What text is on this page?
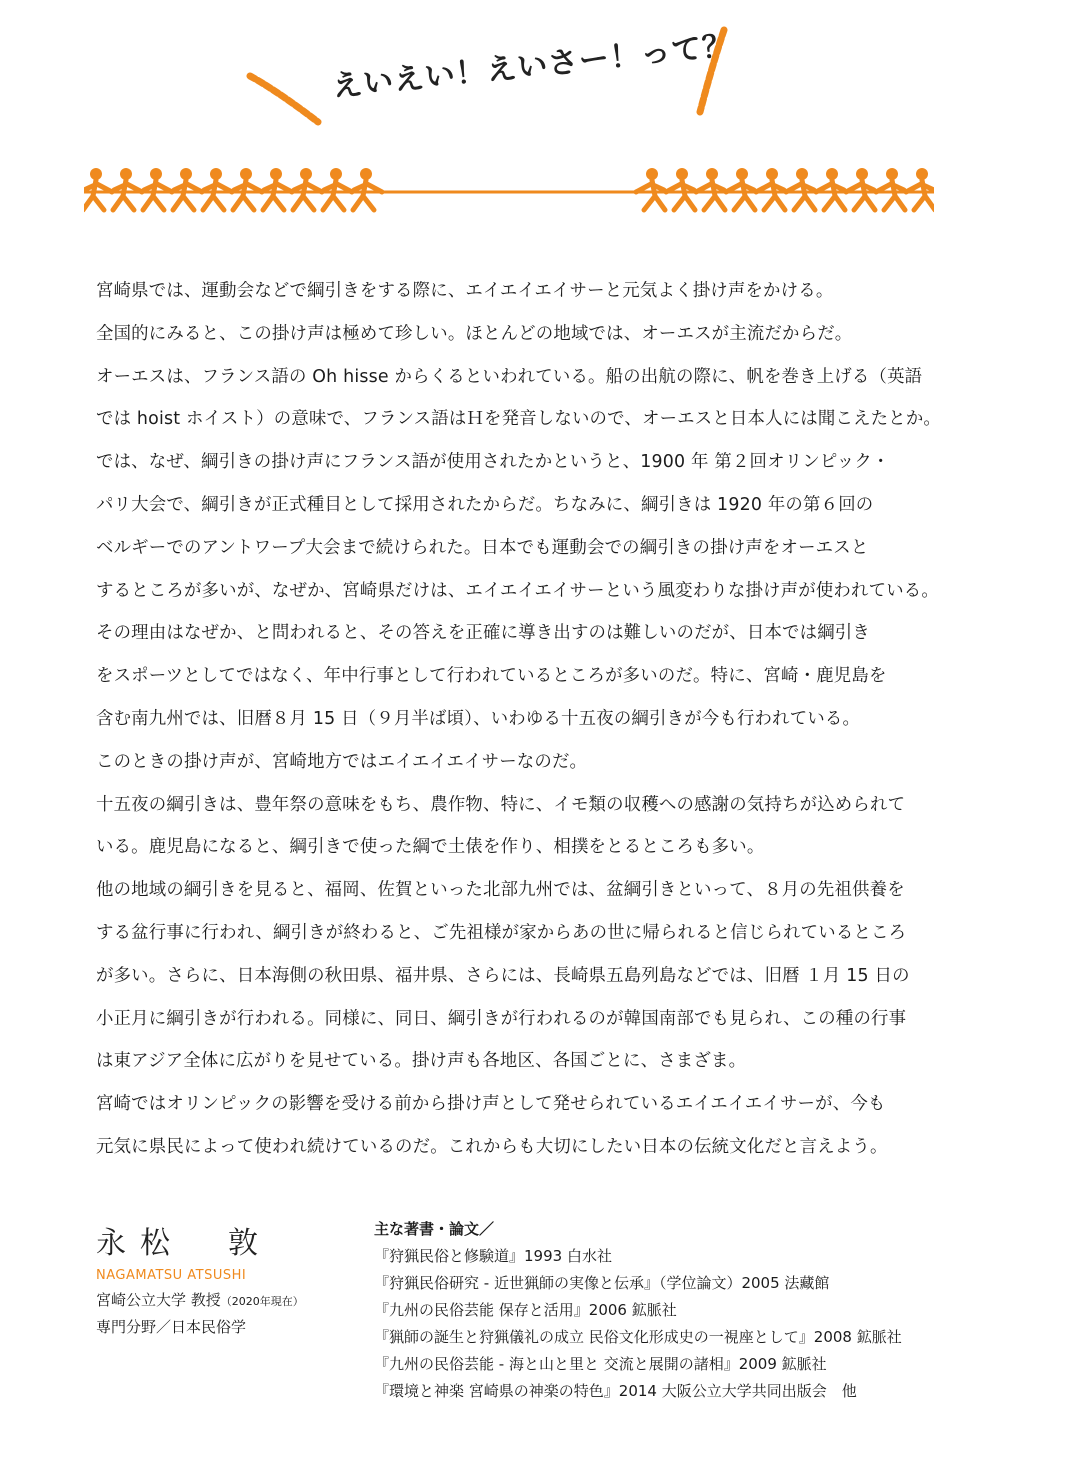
えいえい！えいさー！って？

宮崎県では、運動会などで綱引きをする際に、エイエイエイサーと元気よく掛け声をかける。

全国的にみると、この掛け声は極めて珍しい。ほとんどの地域では、オーエスが主流だからだ。

オーエスは、フランス語の Oh hisse からくるといわれている。船の出航の際に、帆を巻き上げる（英語

では hoist ホイスト）の意味で、フランス語はＨを発音しないので、オーエスと日本人には聞こえたとか。

では、なぜ、綱引きの掛け声にフランス語が使用されたかというと、1900 年 第２回オリンピック・

パリ大会で、綱引きが正式種目として採用されたからだ。ちなみに、綱引きは 1920 年の第６回の

ベルギーでのアントワープ大会まで続けられた。日本でも運動会での綱引きの掛け声をオーエスと

するところが多いが、なぜか、宮崎県だけは、エイエイエイサーという風変わりな掛け声が使われている。

その理由はなぜか、と問われると、その答えを正確に導き出すのは難しいのだが、日本では綱引き

をスポーツとしてではなく、年中行事として行われているところが多いのだ。特に、宮崎・鹿児島を

含む南九州では、旧暦８月 15 日（９月半ば頃）、いわゆる十五夜の綱引きが今も行われている。

このときの掛け声が、宮崎地方ではエイエイエイサーなのだ。

十五夜の綱引きは、豊年祭の意味をもち、農作物、特に、イモ類の収穫への感謝の気持ちが込められて

いる。鹿児島になると、綱引きで使った綱で土俵を作り、相撲をとるところも多い。

他の地域の綱引きを見ると、福岡、佐賀といった北部九州では、盆綱引きといって、８月の先祖供養を

する盆行事に行われ、綱引きが終わると、ご先祖様が家からあの世に帰られると信じられているところ

が多い。さらに、日本海側の秋田県、福井県、さらには、長崎県五島列島などでは、旧暦 １月 15 日の

小正月に綱引きが行われる。同様に、同日、綱引きが行われるのが韓国南部でも見られ、この種の行事

は東アジア全体に広がりを見せている。掛け声も各地区、各国ごとに、さまざま。

宮崎ではオリンピックの影響を受ける前から掛け声として発せられているエイエイエイサーが、今も

元気に県民によって使われ続けているのだ。これからも大切にしたい日本の伝統文化だと言えよう。

永松　敦
NAGAMATSU ATSUSHI
宮崎公立大学 教授（2020年現在）
専門分野／日本民俗学
主な著書・論文／
『狩猟民俗と修験道』1993 白水社
『狩猟民俗研究 - 近世猟師の実像と伝承』（学位論文）2005 法藏館
『九州の民俗芸能 保存と活用』2006 鉱脈社
『猟師の誕生と狩猟儀礼の成立 民俗文化形成史の一視座として』2008 鉱脈社
『九州の民俗芸能 - 海と山と里と 交流と展開の諸相』2009 鉱脈社
『環境と神楽 宮崎県の神楽の特色』2014 大阪公立大学共同出版会　他
